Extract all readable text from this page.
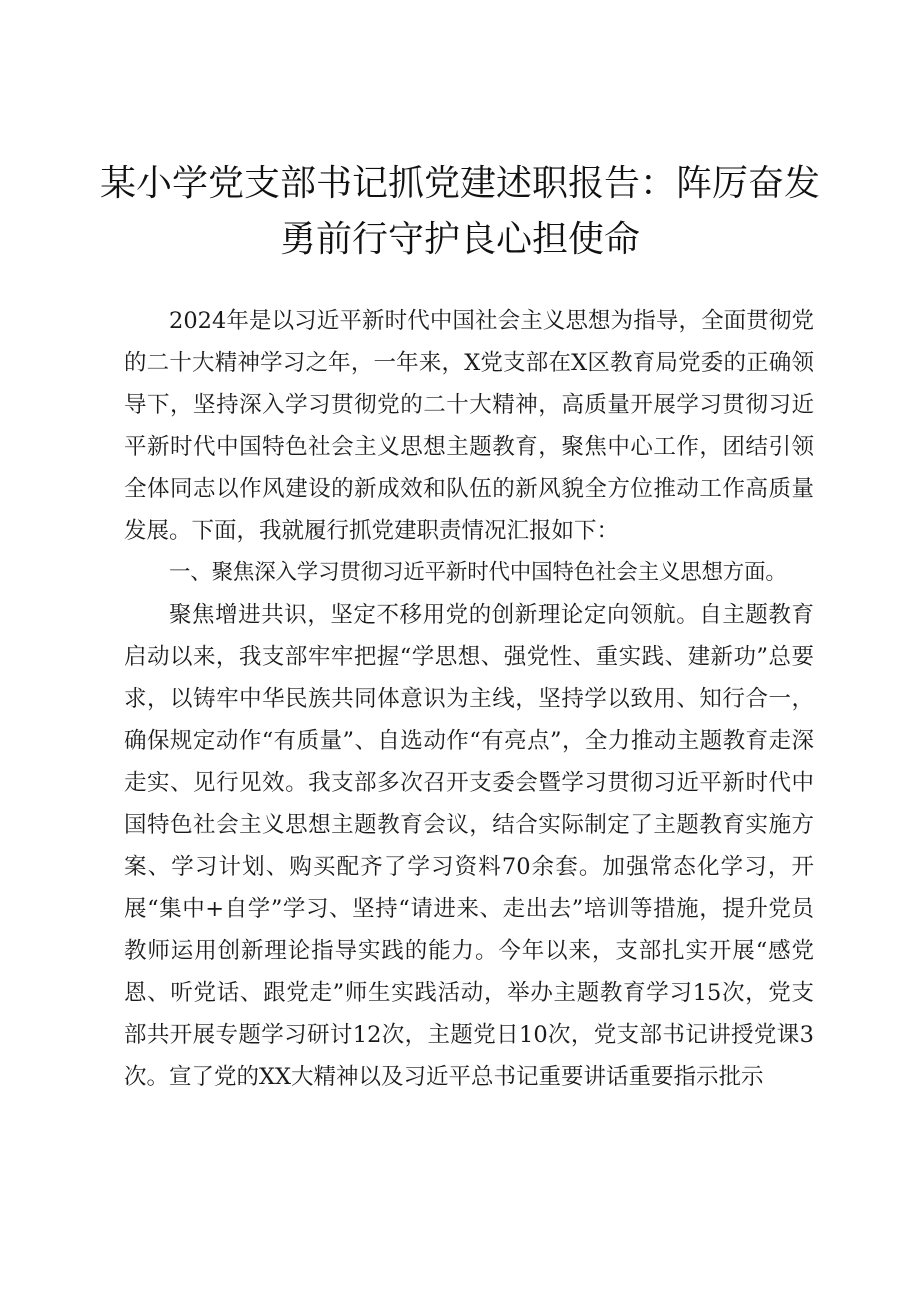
某小学党支部书记抓党建述职报告：阵厉奋发
勇前行守护良心担使命

2024年是以习近平新时代中国社会主义思想为指导，全面贯彻党的二十大精神学习之年，一年来，X党支部在X区教育局党委的正确领导下，坚持深入学习贯彻党的二十大精神，高质量开展学习贯彻习近平新时代中国特色社会主义思想主题教育，聚焦中心工作，团结引领全体同志以作风建设的新成效和队伍的新风貌全方位推动工作高质量发展。下面，我就履行抓党建职责情况汇报如下：

一、聚焦深入学习贯彻习近平新时代中国特色社会主义思想方面。

聚焦增进共识，坚定不移用党的创新理论定向领航。自主题教育启动以来，我支部牢牢把握“学思想、强党性、重实践、建新功”总要求，以铸牢中华民族共同体意识为主线，坚持学以致用、知行合一，确保规定动作“有质量”、自选动作“有亮点”，全力推动主题教育走深走实、见行见效。我支部多次召开支委会暨学习贯彻习近平新时代中国特色社会主义思想主题教育会议，结合实际制定了主题教育实施方案、学习计划、购买配齐了学习资料70余套。加强常态化学习，开展“集中+自学”学习、坚持“请进来、走出去”培训等措施，提升党员教师运用创新理论指导实践的能力。今年以来，支部扎实开展“感党恩、听党话、跟党走”师生实践活动，举办主题教育学习15次，党支部共开展专题学习研讨12次，主题党日10次，党支部书记讲授党课3次。宣了党的XX大精神以及习近平总书记重要讲话重要指示批示
